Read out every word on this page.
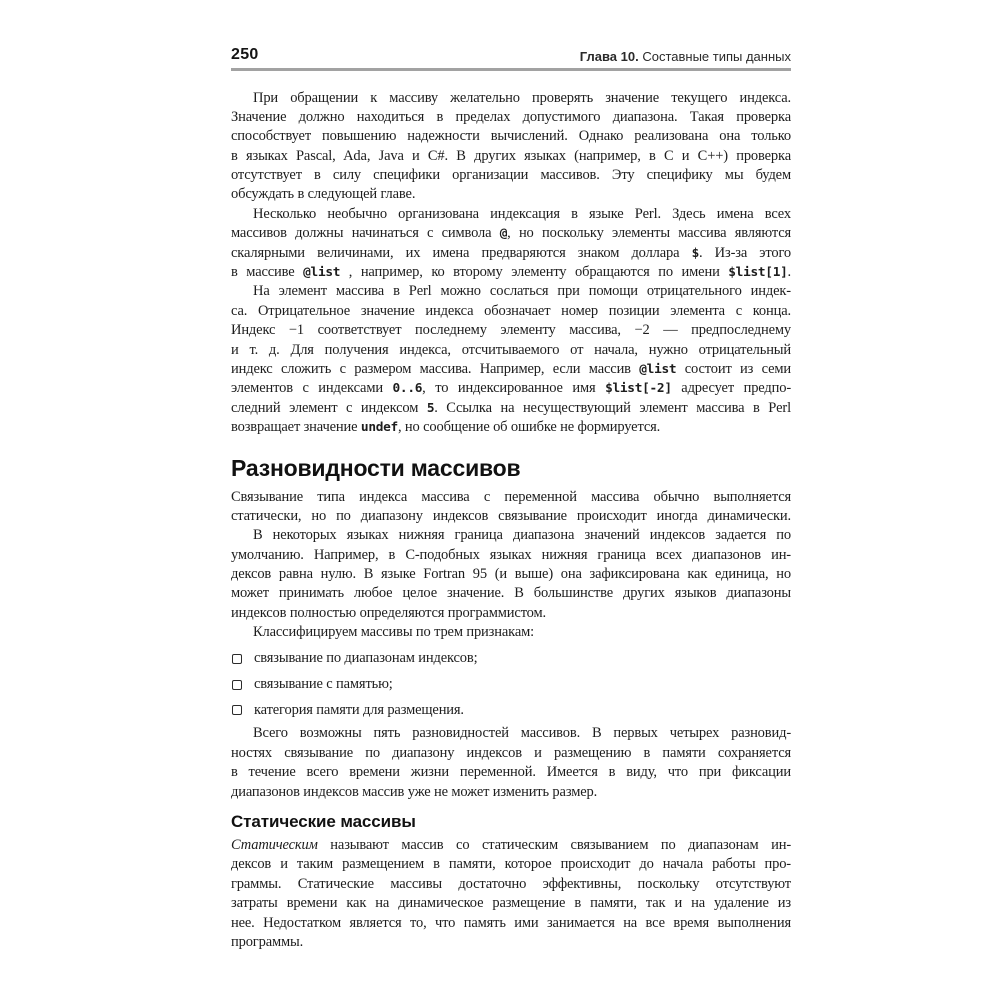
250	Глава 10. Составные типы данных
При обращении к массиву желательно проверять значение текущего индекса.
Значение должно находиться в пределах допустимого диапазона. Такая проверка
способствует повышению надежности вычислений. Однако реализована она только
в языках Pascal, Ada, Java и C#. В других языках (например, в C и C++) проверка
отсутствует в силу специфики организации массивов. Эту специфику мы будем
обсуждать в следующей главе.
Несколько необычно организована индексация в языке Perl. Здесь имена всех
массивов должны начинаться с символа @, но поскольку элементы массива являются
скалярными величинами, их имена предваряются знаком доллара $. Из-за этого
в массиве @list , например, ко второму элементу обращаются по имени $list[1].
На элемент массива в Perl можно сослаться при помощи отрицательного индек-
са. Отрицательное значение индекса обозначает номер позиции элемента с конца.
Индекс −1 соответствует последнему элементу массива, −2 — предпоследнему
и т. д. Для получения индекса, отсчитываемого от начала, нужно отрицательный
индекс сложить с размером массива. Например, если массив @list состоит из семи
элементов с индексами 0..6, то индексированное имя $list[-2] адресует предпо-
следний элемент с индексом 5. Ссылка на несуществующий элемент массива в Perl
возвращает значение undef, но сообщение об ошибке не формируется.
Разновидности массивов
Связывание типа индекса массива с переменной массива обычно выполняется
статически, но по диапазону индексов связывание происходит иногда динамически.
В некоторых языках нижняя граница диапазона значений индексов задается по
умолчанию. Например, в C-подобных языках нижняя граница всех диапазонов ин-
дексов равна нулю. В языке Fortran 95 (и выше) она зафиксирована как единица, но
может принимать любое целое значение. В большинстве других языков диапазоны
индексов полностью определяются программистом.
Классифицируем массивы по трем признакам:
связывание по диапазонам индексов;
связывание с памятью;
категория памяти для размещения.
Всего возможны пять разновидностей массивов. В первых четырех разновид-
ностях связывание по диапазону индексов и размещению в памяти сохраняется
в течение всего времени жизни переменной. Имеется в виду, что при фиксации
диапазонов индексов массив уже не может изменить размер.
Статические массивы
Статическим называют массив со статическим связыванием по диапазонам ин-
дексов и таким размещением в памяти, которое происходит до начала работы про-
граммы. Статические массивы достаточно эффективны, поскольку отсутствуют
затраты времени как на динамическое размещение в памяти, так и на удаление из
нее. Недостатком является то, что память ими занимается на все время выполнения
программы.
